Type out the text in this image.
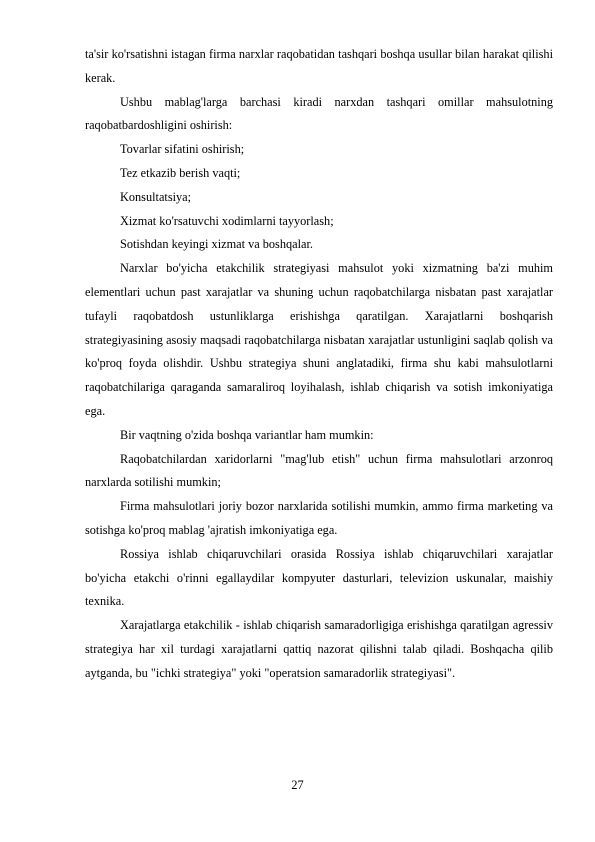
ta'sir ko'rsatishni istagan firma narxlar raqobatidan tashqari boshqa usullar bilan harakat qilishi kerak.

Ushbu mablag'larga barchasi kiradi narxdan tashqari omillar mahsulotning raqobatbardoshligini oshirish:

Tovarlar sifatini oshirish;

Tez etkazib berish vaqti;

Konsultatsiya;

Xizmat ko'rsatuvchi xodimlarni tayyorlash;

Sotishdan keyingi xizmat va boshqalar.

Narxlar bo'yicha etakchilik strategiyasi mahsulot yoki xizmatning ba'zi muhim elementlari uchun past xarajatlar va shuning uchun raqobatchilarga nisbatan past xarajatlar tufayli raqobatdosh ustunliklarga erishishga qaratilgan. Xarajatlarni boshqarish strategiyasining asosiy maqsadi raqobatchilarga nisbatan xarajatlar ustunligini saqlab qolish va ko'proq foyda olishdir. Ushbu strategiya shuni anglatadiki, firma shu kabi mahsulotlarni raqobatchilariga qaraganda samaraliroq loyihalash, ishlab chiqarish va sotish imkoniyatiga ega.

Bir vaqtning o'zida boshqa variantlar ham mumkin:

Raqobatchilardan xaridorlarni "mag'lub etish" uchun firma mahsulotlari arzonroq narxlarda sotilishi mumkin;

Firma mahsulotlari joriy bozor narxlarida sotilishi mumkin, ammo firma marketing va sotishga ko'proq mablag 'ajratish imkoniyatiga ega.

Rossiya ishlab chiqaruvchilari orasida Rossiya ishlab chiqaruvchilari xarajatlar bo'yicha etakchi o'rinni egallaydilar kompyuter dasturlari, televizion uskunalar, maishiy texnika.

Xarajatlarga etakchilik - ishlab chiqarish samaradorligiga erishishga qaratilgan agressiv strategiya har xil turdagi xarajatlarni qattiq nazorat qilishni talab qiladi. Boshqacha qilib aytganda, bu "ichki strategiya" yoki "operatsion samaradorlik strategiyasi".

27
